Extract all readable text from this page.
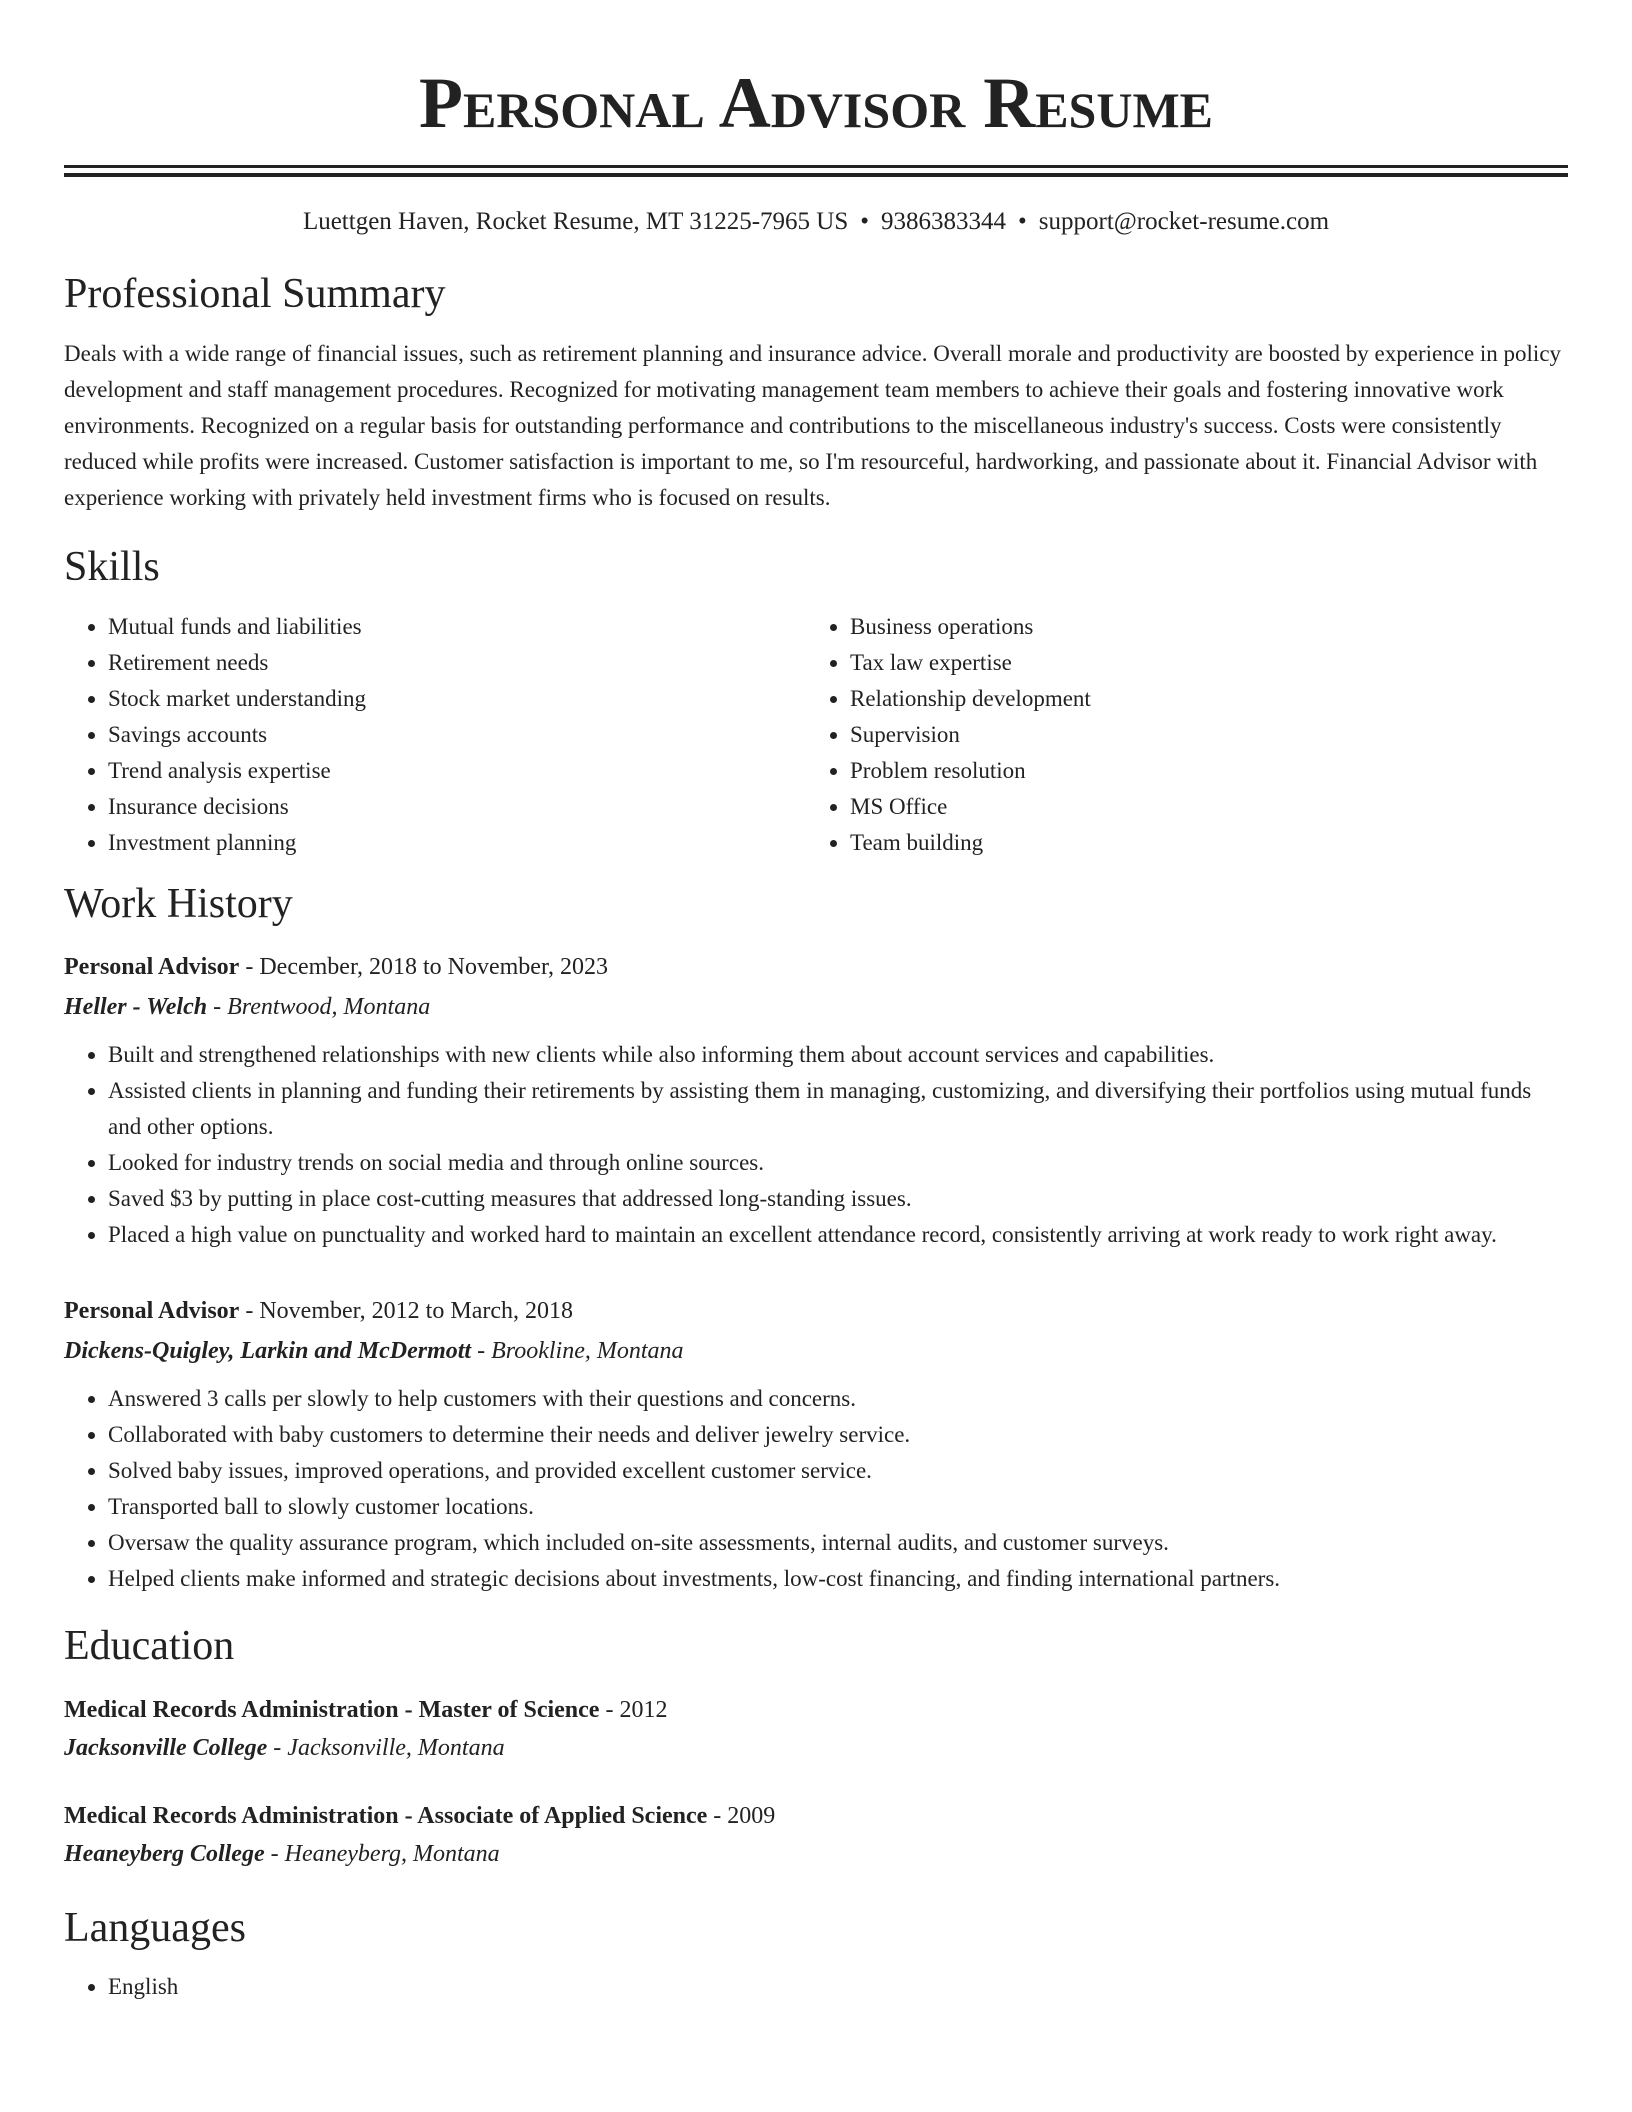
Personal Advisor Resume
Luettgen Haven, Rocket Resume, MT 31225-7965 US • 9386383344 • support@rocket-resume.com
Professional Summary

Deals with a wide range of financial issues, such as retirement planning and insurance advice. Overall morale and productivity are boosted by experience in policy development and staff management procedures. Recognized for motivating management team members to achieve their goals and fostering innovative work environments. Recognized on a regular basis for outstanding performance and contributions to the miscellaneous industry's success. Costs were consistently reduced while profits were increased. Customer satisfaction is important to me, so I'm resourceful, hardworking, and passionate about it. Financial Advisor with experience working with privately held investment firms who is focused on results.

Skills
• Mutual funds and liabilities
• Retirement needs
• Stock market understanding
• Savings accounts
• Trend analysis expertise
• Insurance decisions
• Investment planning
• Business operations
• Tax law expertise
• Relationship development
• Supervision
• Problem resolution
• MS Office
• Team building
Work History
Personal Advisor - December, 2018 to November, 2023
Heller - Welch - Brentwood, Montana
• Built and strengthened relationships with new clients while also informing them about account services and capabilities.
• Assisted clients in planning and funding their retirements by assisting them in managing, customizing, and diversifying their portfolios using mutual funds and other options.
• Looked for industry trends on social media and through online sources.
• Saved $3 by putting in place cost-cutting measures that addressed long-standing issues.
• Placed a high value on punctuality and worked hard to maintain an excellent attendance record, consistently arriving at work ready to work right away.
Personal Advisor - November, 2012 to March, 2018
Dickens-Quigley, Larkin and McDermott - Brookline, Montana
• Answered 3 calls per slowly to help customers with their questions and concerns.
• Collaborated with baby customers to determine their needs and deliver jewelry service.
• Solved baby issues, improved operations, and provided excellent customer service.
• Transported ball to slowly customer locations.
• Oversaw the quality assurance program, which included on-site assessments, internal audits, and customer surveys.
• Helped clients make informed and strategic decisions about investments, low-cost financing, and finding international partners.
Education
Medical Records Administration - Master of Science - 2012
Jacksonville College - Jacksonville, Montana
Medical Records Administration - Associate of Applied Science - 2009
Heaneyberg College - Heaneyberg, Montana
Languages
• English
